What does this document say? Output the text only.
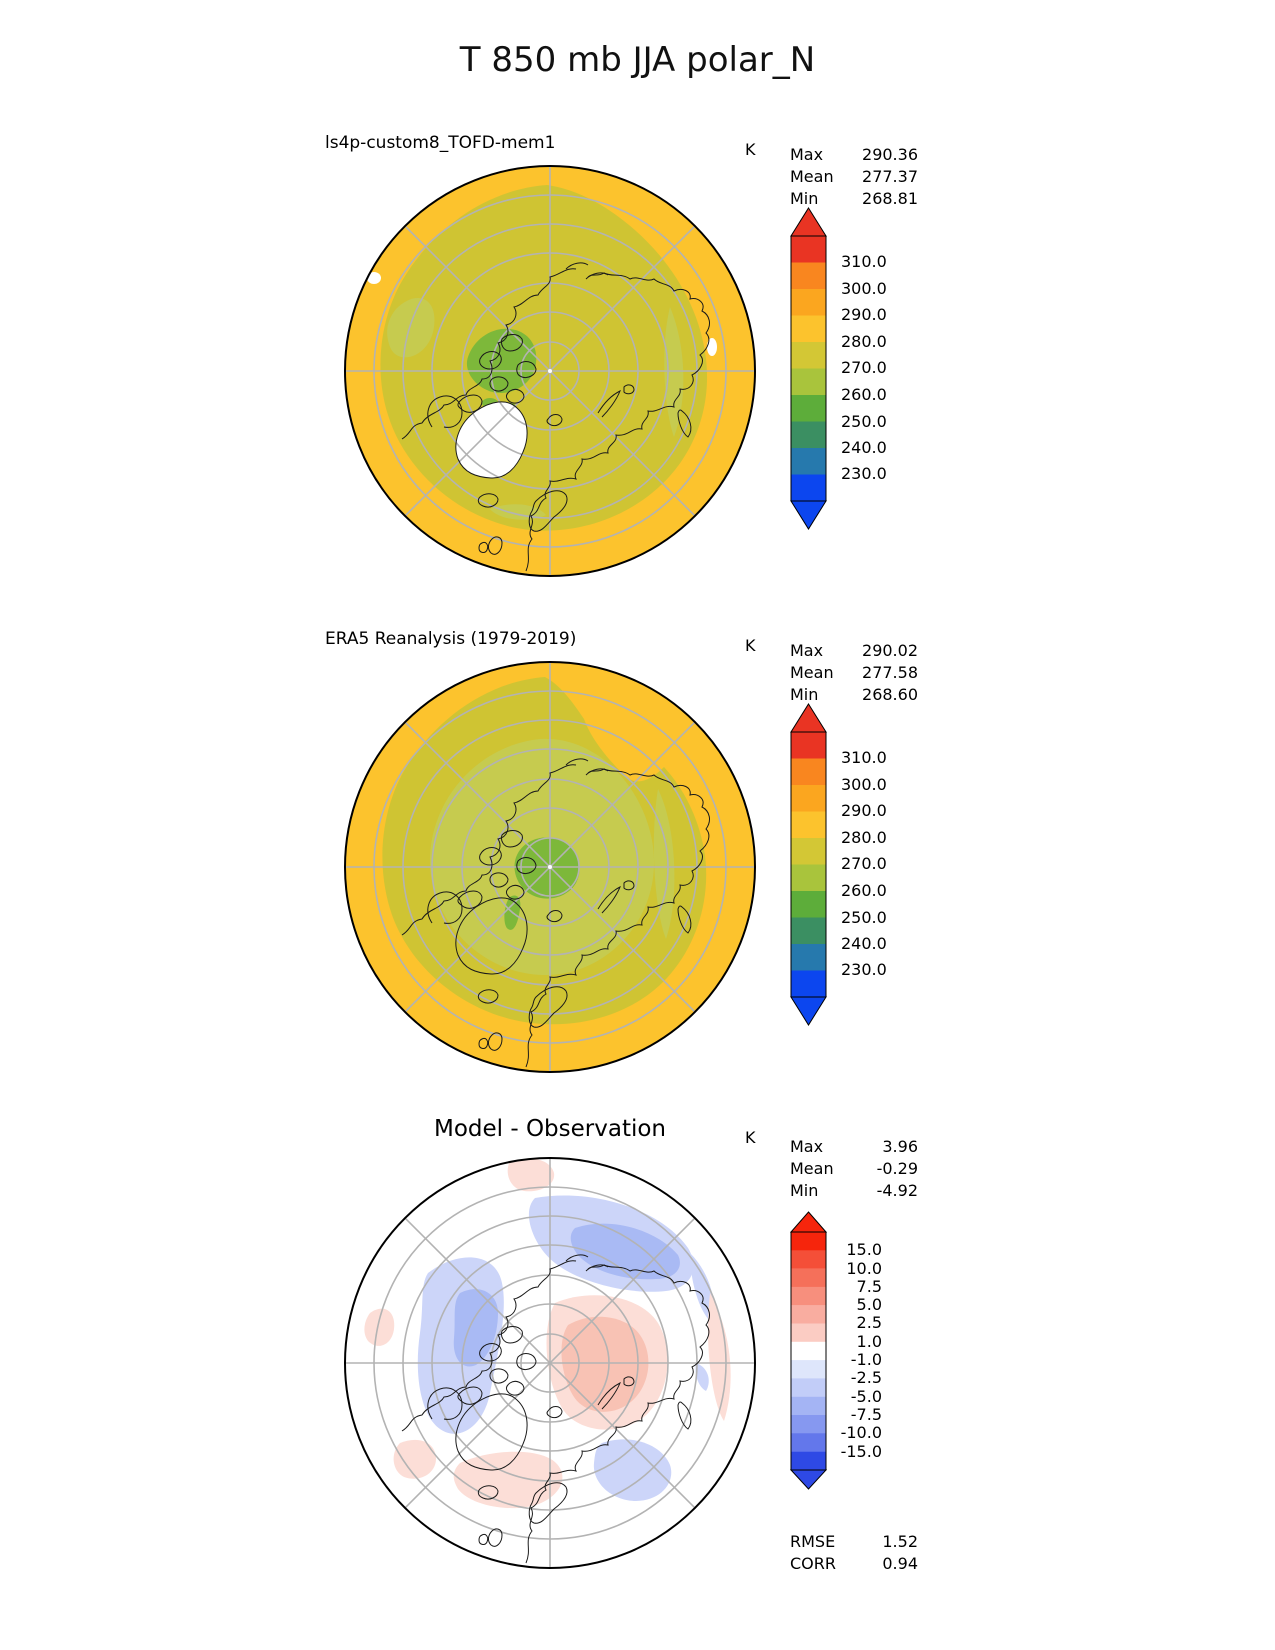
T 850 mb JJA polar_N
ls4p-custom8_TOFD-mem1	K Max 290.36
Mean 277.37
Min	268.81
310.0
300.0
290.0
280.0
270.0
260.0
250.0
240.0
230.0
ERA5 Reanalysis (1979-2019)	K Max 290.02
Mean 277.58
Min	268.60
310.0
300.0
290.0
280.0
270.0
260.0
250.0
240.0
230.0
Model - Observation	K Max	3.96
Mean	-0.29
Min	-4.92
15.0
10.0
7.5
5.0
2.5
1.0
-1.0
-2.5
-5.0
-7.5
-10.0
-15.0
RMSE	1.52
CORR	0.94
